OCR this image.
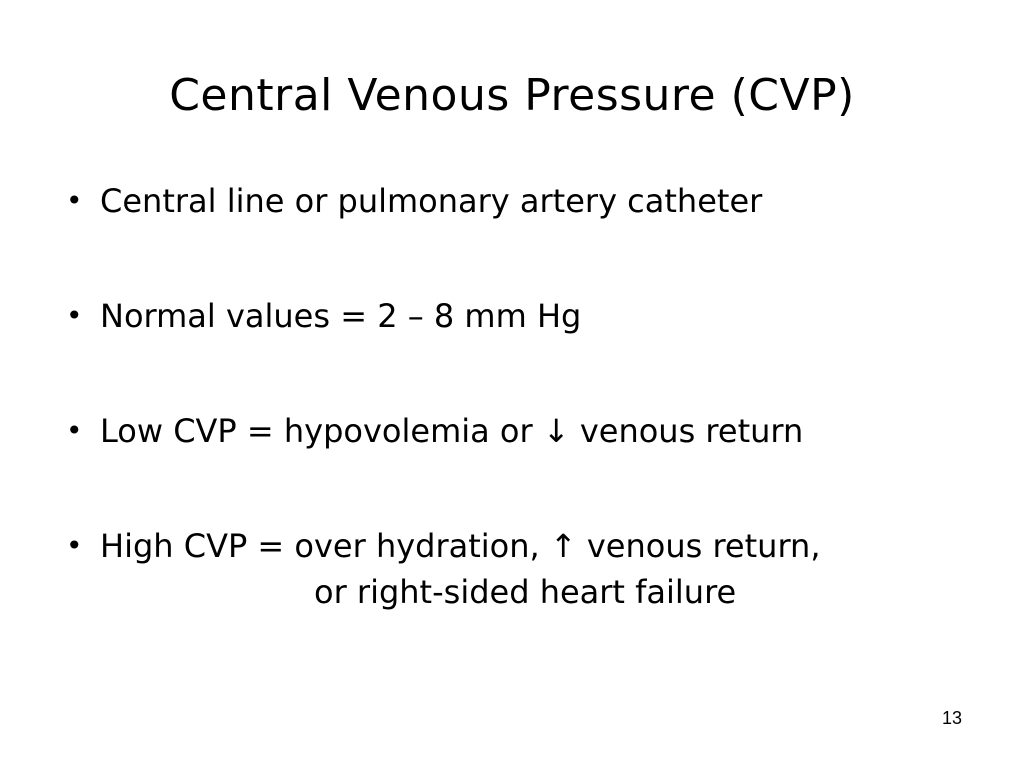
Central Venous Pressure (CVP)
• Central line or pulmonary artery catheter
• Normal values = 2 – 8 mm Hg
• Low CVP = hypovolemia or ↓ venous return
• High CVP = over hydration, ↑ venous return,
or right-sided heart failure
13
